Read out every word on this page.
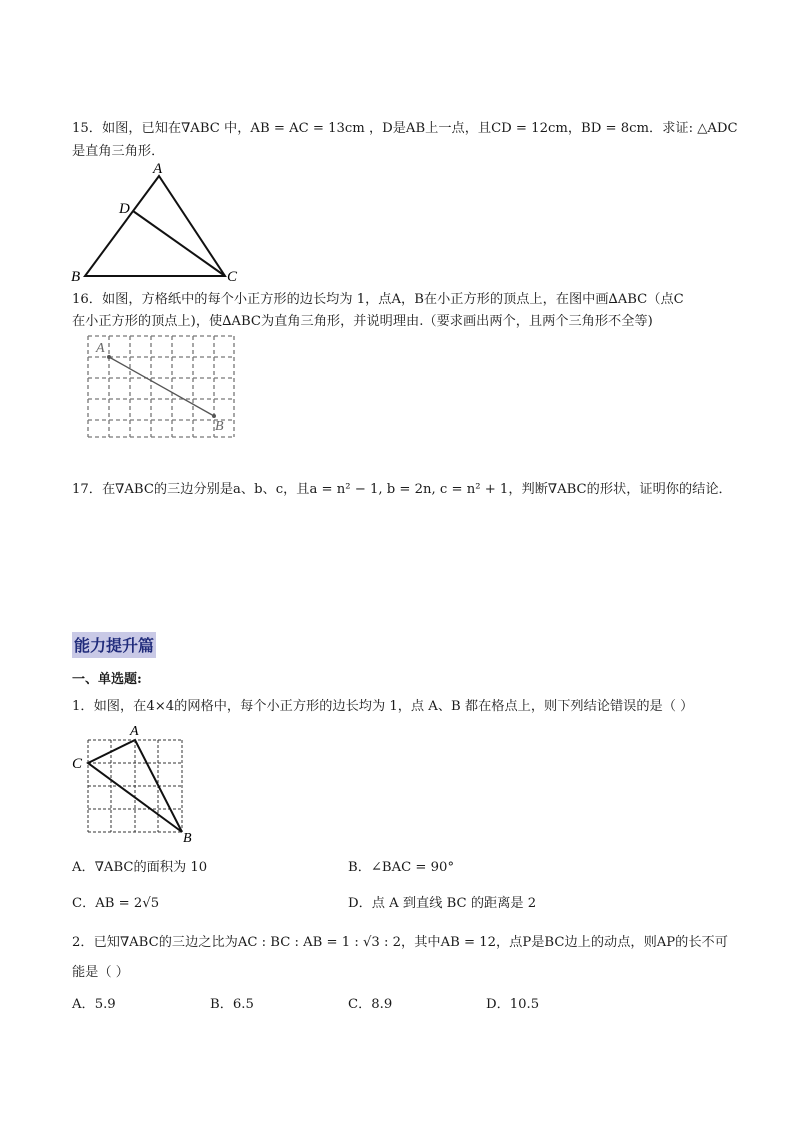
15．如图，已知在∇ABC 中，AB = AC = 13cm ，D是AB上一点，且CD = 12cm，BD = 8cm．求证: △ADC
是直角三角形．
A
D
B	C
16．如图，方格纸中的每个小正方形的边长均为 1，点A，B在小正方形的顶点上，在图中画∆ABC（点C
在小正方形的顶点上)，使∆ABC为直角三角形，并说明理由.（要求画出两个，且两个三角形不全等)
A
B
17．在∇ABC的三边分别是a、b、c，且a = n² − 1, b = 2n, c = n² + 1，判断∇ABC的形状，证明你的结论．
能力提升篇
一、单选题:
1．如图，在4×4的网格中，每个小正方形的边长均为 1，点 A、B 都在格点上，则下列结论错误的是（ ）
A
C
B
A．∇ABC的面积为 10	B．∠BAC = 90°
C．AB = 2√5	D．点 A 到直线 BC 的距离是 2
2．已知∇ABC的三边之比为AC : BC : AB = 1 : √3 : 2，其中AB = 12，点P是BC边上的动点，则AP的长不可
能是（ ）
A．5.9	B．6.5	C．8.9	D．10.5
